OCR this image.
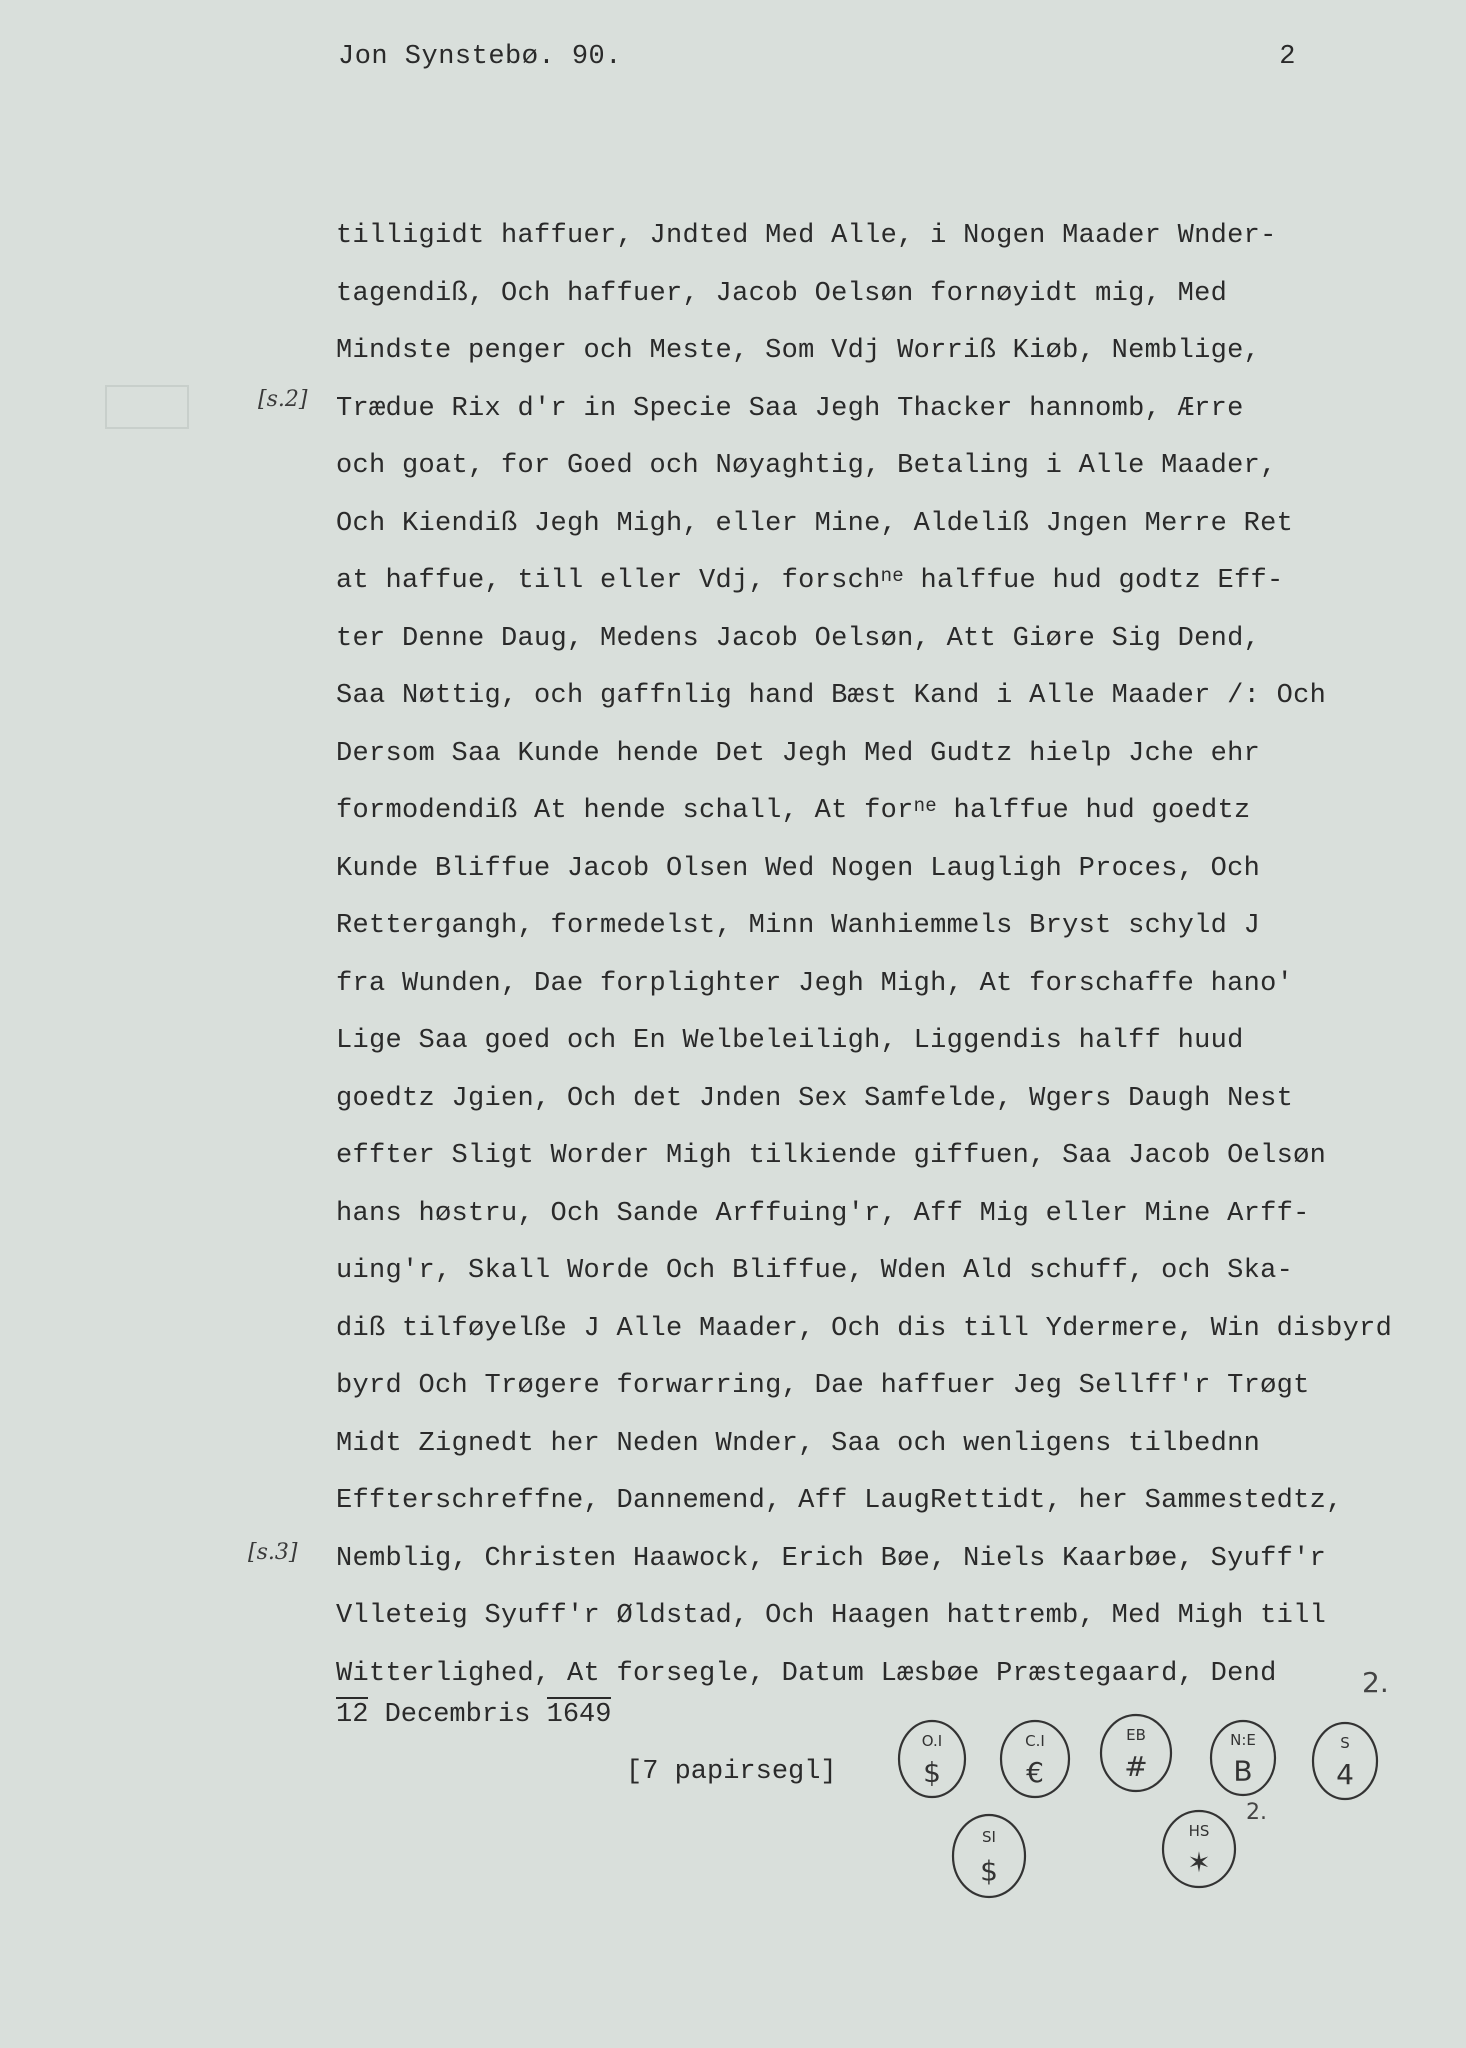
Jon Synstebø. 90.	2
[s.2]
[s.3]
tilligidt haffuer, Jndted Med Alle, i Nogen Maader Wnder-
tagendiß, Och haffuer, Jacob Oelsøn fornøyidt mig, Med
Mindste penger och Meste, Som Vdj Worriß Kiøb, Nemblige,
Trædue Rix d'r in Specie Saa Jegh Thacker hannomb, Ærre
och goat, for Goed och Nøyaghtig, Betaling i Alle Maader,
Och Kiendiß Jegh Migh, eller Mine, Aldeliß Jngen Merre Ret
at haffue, till eller Vdj, forsch$^{ne}$ halffue hud godtz Eff-
ter Denne Daug, Medens Jacob Oelsøn, Att Giøre Sig Dend,
Saa Nøttig, och gaffnlig hand Bæst Kand i Alle Maader /: Och
Dersom Saa Kunde hende Det Jegh Med Gudtz hielp Jche ehr
formodendiß At hende schall, At for$^{ne}$ halffue hud goedtz
Kunde Bliffue Jacob Olsen Wed Nogen Laugligh Proces, Och
Rettergangh, formedelst, Minn Wanhiemmels Bryst schyld J
fra Wunden, Dae forplighter Jegh Migh, At forschaffe hano'
Lige Saa goed och En Welbeleiligh, Liggendis halff huud
goedtz Jgien, Och det Jnden Sex Samfelde, Wgers Daugh Nest
effter Sligt Worder Migh tilkiende giffuen, Saa Jacob Oelsøn
hans høstru, Och Sande Arffuing'r, Aff Mig eller Mine Arff-
uing'r, Skall Worde Och Bliffue, Wden Ald schuff, och Ska-
diß tilføyelße J Alle Maader, Och dis till Ydermere, Win disbyrd
byrd Och Trøgere forwarring, Dae haffuer Jeg Sellff'r Trøgt
Midt Zignedt her Neden Wnder, Saa och wenligens tilbednn
Effterschreffne, Dannemend, Aff LaugRettidt, her Sammestedtz,
Nemblig, Christen Haawock, Erich Bøe, Niels Kaarbøe, Syuff'r
Vlleteig Syuff'r Øldstad, Och Haagen hattremb, Med Migh till
Witterlighed, At forsegle, Datum Læsbøe Præstegaard, Dend
12 Decembris 1649
[7 papirsegl]
O.I
$
C.I
€
EB
#
N:E
B
S
4
SI
$
HS
✶
2.
2.
